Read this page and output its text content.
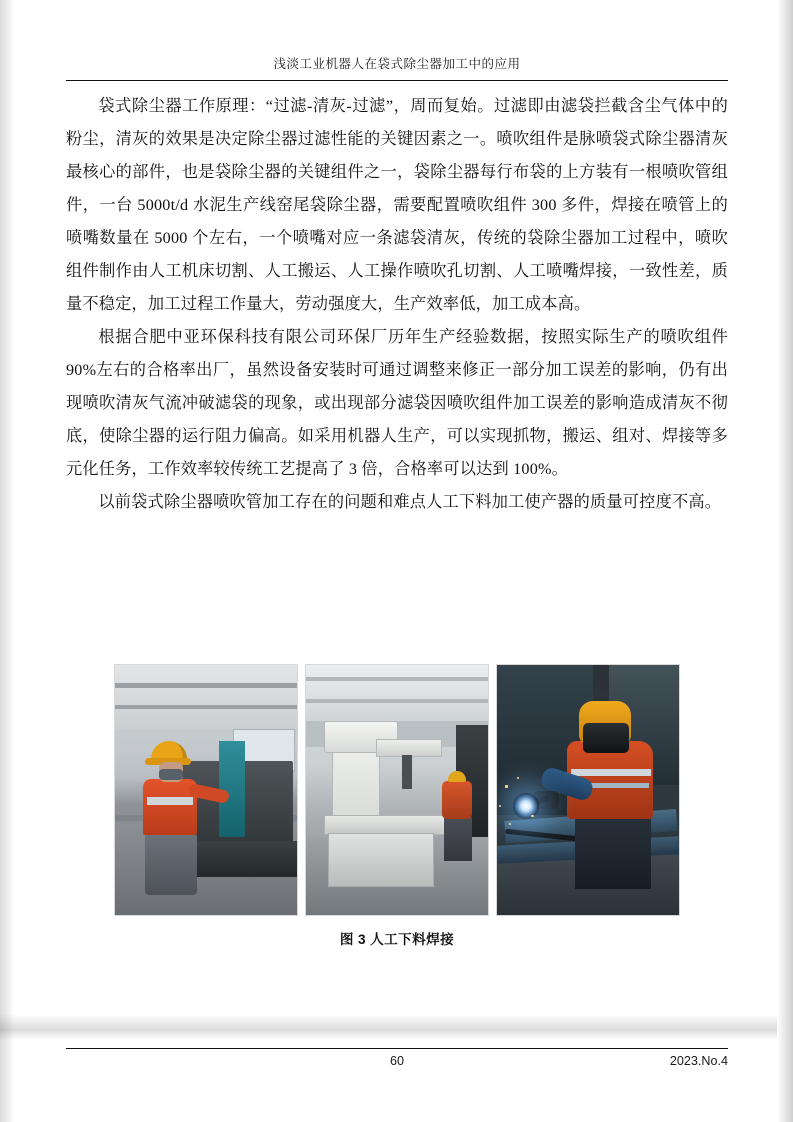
浅淡工业机器人在袋式除尘器加工中的应用

袋式除尘器工作原理：“过滤-清灰-过滤”，周而复始。过滤即由滤袋拦截含尘气体中的粉尘，清灰的效果是决定除尘器过滤性能的关键因素之一。喷吹组件是脉喷袋式除尘器清灰最核心的部件，也是袋除尘器的关键组件之一，袋除尘器每行布袋的上方装有一根喷吹管组件，一台 5000t/d 水泥生产线窑尾袋除尘器，需要配置喷吹组件 300 多件，焊接在喷管上的喷嘴数量在 5000 个左右，一个喷嘴对应一条滤袋清灰，传统的袋除尘器加工过程中，喷吹组件制作由人工机床切割、人工搬运、人工操作喷吹孔切割、人工喷嘴焊接，一致性差，质量不稳定，加工过程工作量大，劳动强度大，生产效率低，加工成本高。

根据合肥中亚环保科技有限公司环保厂历年生产经验数据，按照实际生产的喷吹组件 90%左右的合格率出厂，虽然设备安装时可通过调整来修正一部分加工误差的影响，仍有出现喷吹清灰气流冲破滤袋的现象，或出现部分滤袋因喷吹组件加工误差的影响造成清灰不彻底，使除尘器的运行阻力偏高。如采用机器人生产，可以实现抓物，搬运、组对、焊接等多元化任务，工作效率较传统工艺提高了 3 倍，合格率可以达到 100%。

以前袋式除尘器喷吹管加工存在的问题和难点人工下料加工使产器的质量可控度不高。

图 3 人工下料焊接
60	2023.No.4
